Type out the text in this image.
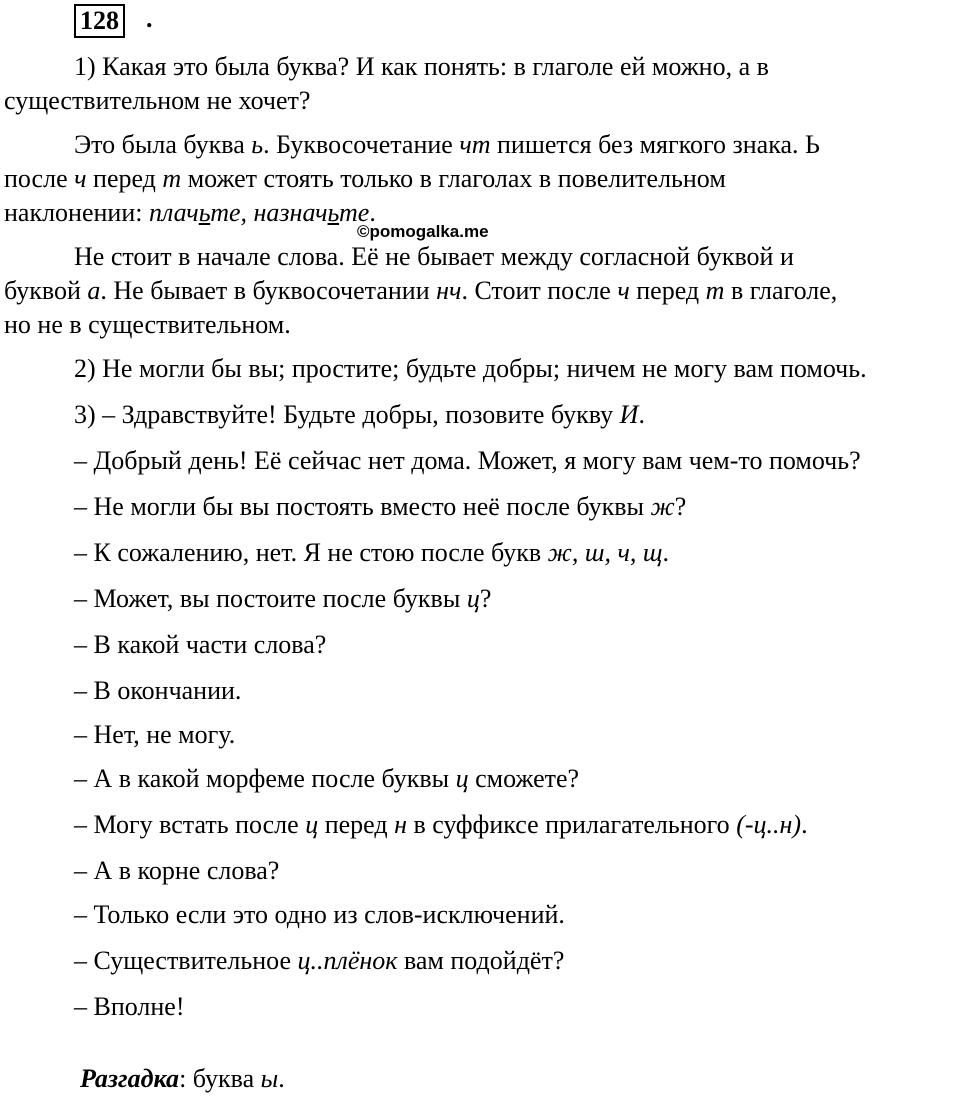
128 .
1) Какая это была буква? И как понять: в глаголе ей можно, а в
существительном не хочет?
Это была буква ь. Буквосочетание чт пишется без мягкого знака. Ь
после ч перед т может стоять только в глаголах в повелительном
наклонении: плачьте, назначьте.
©pomogalka.me
Не стоит в начале слова. Её не бывает между согласной буквой и
буквой а. Не бывает в буквосочетании нч. Стоит после ч перед т в глаголе,
но не в существительном.
2) Не могли бы вы; простите; будьте добры; ничем не могу вам помочь.
3) – Здравствуйте! Будьте добры, позовите букву И.
– Добрый день! Её сейчас нет дома. Может, я могу вам чем-то помочь?
– Не могли бы вы постоять вместо неё после буквы ж?
– К сожалению, нет. Я не стою после букв ж, ш, ч, щ.
– Может, вы постоите после буквы ц?
– В какой части слова?
– В окончании.
– Нет, не могу.
– А в какой морфеме после буквы ц сможете?
– Могу встать после ц перед н в суффиксе прилагательного (-ц..н).
– А в корне слова?
– Только если это одно из слов-исключений.
– Существительное ц..плёнок вам подойдёт?
– Вполне!
Разгадка: буква ы.
